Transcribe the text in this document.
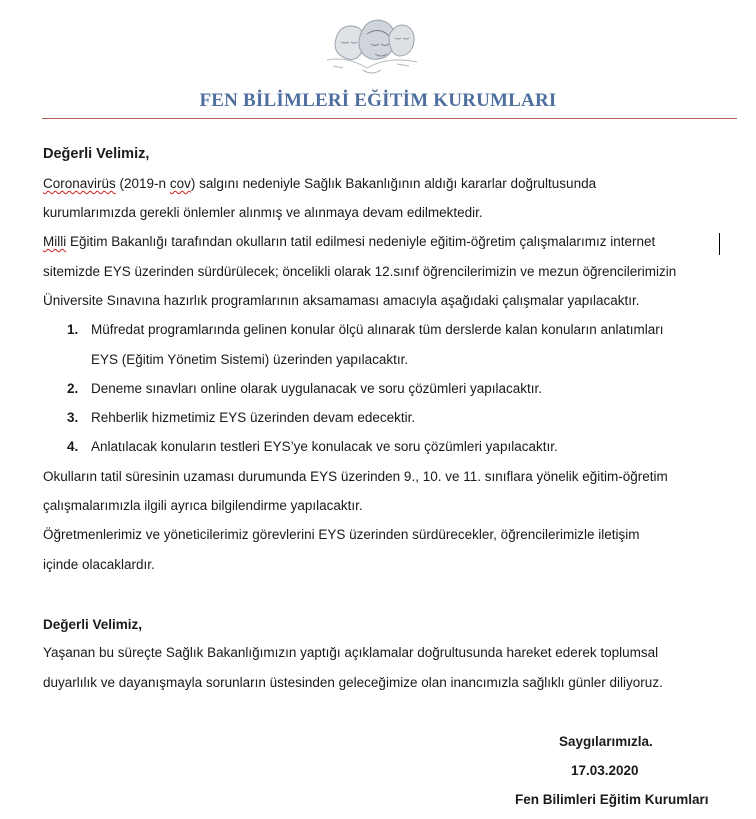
FEN BİLİMLERİ EĞİTİM KURUMLARI
Değerli Velimiz,
Coronavirüs (2019-n cov) salgını nedeniyle Sağlık Bakanlığının aldığı kararlar doğrultusunda
kurumlarımızda gerekli önlemler alınmış ve alınmaya devam edilmektedir.
Milli Eğitim Bakanlığı tarafından okulların tatil edilmesi nedeniyle eğitim-öğretim çalışmalarımız internet
sitemizde EYS üzerinden sürdürülecek; öncelikli olarak 12.sınıf öğrencilerimizin ve mezun öğrencilerimizin
Üniversite Sınavına hazırlık programlarının aksamaması amacıyla aşağıdaki çalışmalar yapılacaktır.
1. Müfredat programlarında gelinen konular ölçü alınarak tüm derslerde kalan konuların anlatımları
EYS (Eğitim Yönetim Sistemi) üzerinden yapılacaktır.
2. Deneme sınavları online olarak uygulanacak ve soru çözümleri yapılacaktır.
3. Rehberlik hizmetimiz EYS üzerinden devam edecektir.
4. Anlatılacak konuların testleri EYS’ye konulacak ve soru çözümleri yapılacaktır.
Okulların tatil süresinin uzaması durumunda EYS üzerinden 9., 10. ve 11. sınıflara yönelik eğitim-öğretim
çalışmalarımızla ilgili ayrıca bilgilendirme yapılacaktır.
Öğretmenlerimiz ve yöneticilerimiz görevlerini EYS üzerinden sürdürecekler, öğrencilerimizle iletişim
içinde olacaklardır.
Değerli Velimiz,
Yaşanan bu süreçte Sağlık Bakanlığımızın yaptığı açıklamalar doğrultusunda hareket ederek toplumsal
duyarlılık ve dayanışmayla sorunların üstesinden geleceğimize olan inancımızla sağlıklı günler diliyoruz.
Saygılarımızla.
17.03.2020
Fen Bilimleri Eğitim Kurumları
